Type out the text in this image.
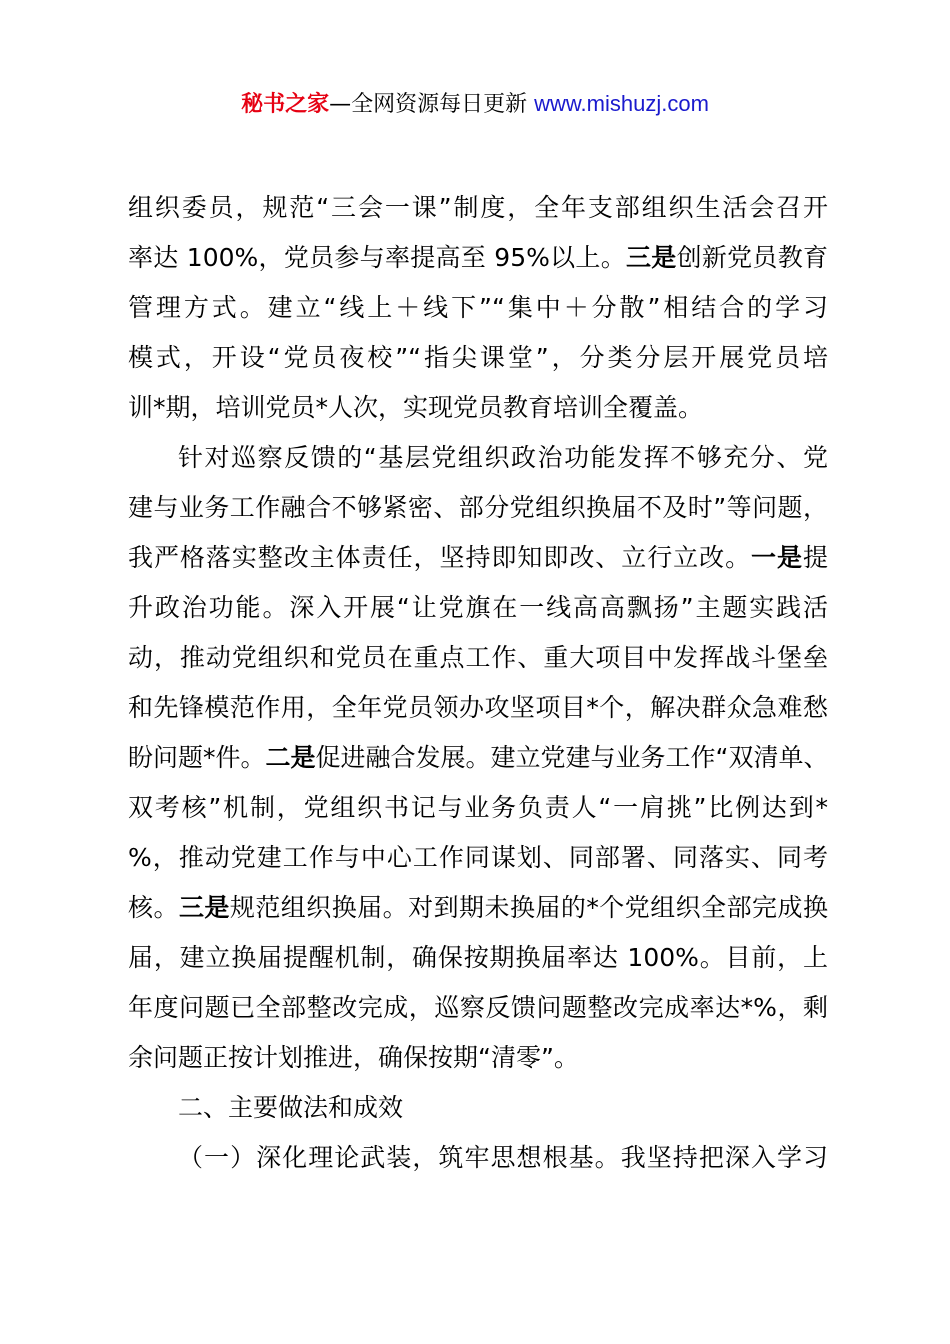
秘书之家—全网资源每日更新 www.mishuzj.com
组织委员，规范“三会一课”制度，全年支部组织生活会召开
率达 100%，党员参与率提高至 95%以上。三是创新党员教育
管理方式。建立“线上＋线下”“集中＋分散”相结合的学习
模式，开设“党员夜校”“指尖课堂”，分类分层开展党员培
训*期，培训党员*人次，实现党员教育培训全覆盖。
针对巡察反馈的“基层党组织政治功能发挥不够充分、党
建与业务工作融合不够紧密、部分党组织换届不及时”等问题，
我严格落实整改主体责任，坚持即知即改、立行立改。一是提
升政治功能。深入开展“让党旗在一线高高飘扬”主题实践活
动，推动党组织和党员在重点工作、重大项目中发挥战斗堡垒
和先锋模范作用，全年党员领办攻坚项目*个，解决群众急难愁
盼问题*件。二是促进融合发展。建立党建与业务工作“双清单、
双考核”机制，党组织书记与业务负责人“一肩挑”比例达到*
%，推动党建工作与中心工作同谋划、同部署、同落实、同考
核。三是规范组织换届。对到期未换届的*个党组织全部完成换
届，建立换届提醒机制，确保按期换届率达 100%。目前，上
年度问题已全部整改完成，巡察反馈问题整改完成率达*%，剩
余问题正按计划推进，确保按期“清零”。
二、主要做法和成效
（一）深化理论武装，筑牢思想根基。我坚持把深入学习
